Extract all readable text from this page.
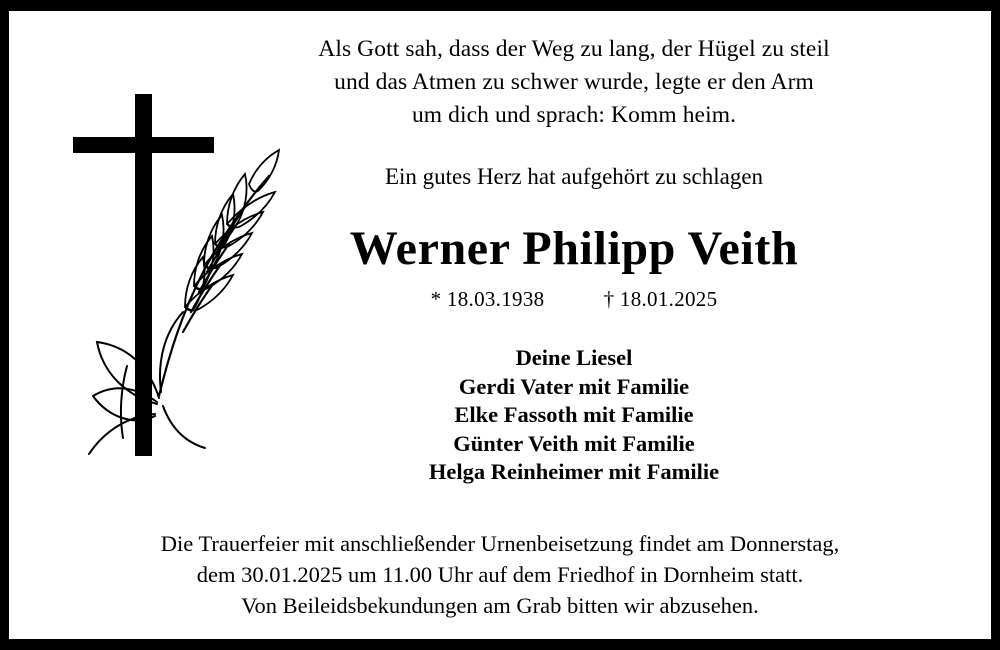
Als Gott sah, dass der Weg zu lang, der Hügel zu steil
und das Atmen zu schwer wurde, legte er den Arm
um dich und sprach: Komm heim.
Ein gutes Herz hat aufgehört zu schlagen
Werner Philipp Veith
* 18.03.1938	† 18.01.2025
Deine Liesel
Gerdi Vater mit Familie
Elke Fassoth mit Familie
Günter Veith mit Familie
Helga Reinheimer mit Familie
Die Trauerfeier mit anschließender Urnenbeisetzung findet am Donnerstag,
dem 30.01.2025 um 11.00 Uhr auf dem Friedhof in Dornheim statt.
Von Beileidsbekundungen am Grab bitten wir abzusehen.
